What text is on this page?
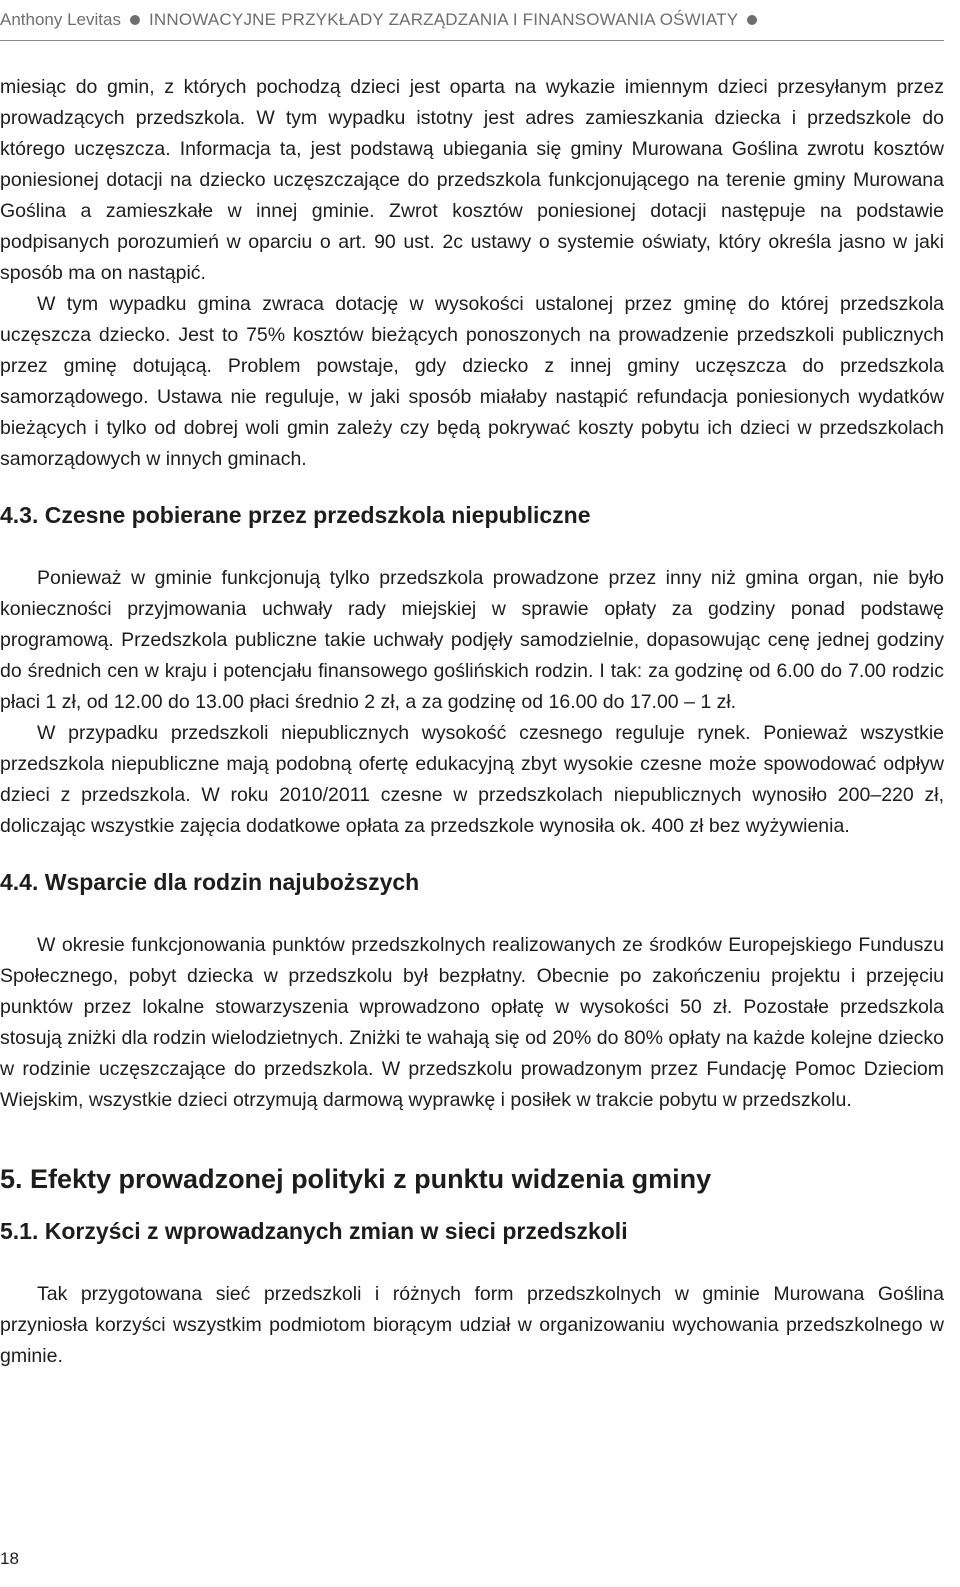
Anthony Levitas INNOWACYJNE PRZYKŁADY ZARZĄDZANIA I FINANSOWANIA OŚWIATY

miesiąc do gmin, z których pochodzą dzieci jest oparta na wykazie imiennym dzieci przesyłanym przez prowadzących przedszkola. W tym wypadku istotny jest adres zamieszkania dziecka i przedszkole do którego uczęszcza. Informacja ta, jest podstawą ubiegania się gminy Murowana Goślina zwrotu kosztów poniesionej dotacji na dziecko uczęszczające do przedszkola funkcjonującego na terenie gminy Murowana Goślina a zamieszkałe w innej gminie. Zwrot kosztów poniesionej dotacji następuje na podstawie podpisanych porozumień w oparciu o art. 90 ust. 2c ustawy o systemie oświaty, który określa jasno w jaki sposób ma on nastąpić.

W tym wypadku gmina zwraca dotację w wysokości ustalonej przez gminę do której przedszkola uczęszcza dziecko. Jest to 75% kosztów bieżących ponoszonych na prowadzenie przedszkoli publicznych przez gminę dotującą. Problem powstaje, gdy dziecko z innej gminy uczęszcza do przedszkola samorządowego. Ustawa nie reguluje, w jaki sposób miałaby nastąpić refundacja poniesionych wydatków bieżących i tylko od dobrej woli gmin zależy czy będą pokrywać koszty pobytu ich dzieci w przedszkolach samorządowych w innych gminach.

4.3. Czesne pobierane przez przedszkola niepubliczne

Ponieważ w gminie funkcjonują tylko przedszkola prowadzone przez inny niż gmina organ, nie było konieczności przyjmowania uchwały rady miejskiej w sprawie opłaty za godziny ponad podstawę programową. Przedszkola publiczne takie uchwały podjęły samodzielnie, dopasowując cenę jednej godziny do średnich cen w kraju i potencjału finansowego goślińskich rodzin. I tak: za godzinę od 6.00 do 7.00 rodzic płaci 1 zł, od 12.00 do 13.00 płaci średnio 2 zł, a za godzinę od 16.00 do 17.00 – 1 zł.

W przypadku przedszkoli niepublicznych wysokość czesnego reguluje rynek. Ponieważ wszystkie przedszkola niepubliczne mają podobną ofertę edukacyjną zbyt wysokie czesne może spowodować odpływ dzieci z przedszkola. W roku 2010/2011 czesne w przedszkolach niepublicznych wynosiło 200–220 zł, doliczając wszystkie zajęcia dodatkowe opłata za przedszkole wynosiła ok. 400 zł bez wyżywienia.

4.4. Wsparcie dla rodzin najuboższych

W okresie funkcjonowania punktów przedszkolnych realizowanych ze środków Europejskiego Funduszu Społecznego, pobyt dziecka w przedszkolu był bezpłatny. Obecnie po zakończeniu projektu i przejęciu punktów przez lokalne stowarzyszenia wprowadzono opłatę w wysokości 50 zł. Pozostałe przedszkola stosują zniżki dla rodzin wielodzietnych. Zniżki te wahają się od 20% do 80% opłaty na każde kolejne dziecko w rodzinie uczęszczające do przedszkola. W przedszkolu prowadzonym przez Fundację Pomoc Dzieciom Wiejskim, wszystkie dzieci otrzymują darmową wyprawkę i posiłek w trakcie pobytu w przedszkolu.

5. Efekty prowadzonej polityki z punktu widzenia gminy
5.1. Korzyści z wprowadzanych zmian w sieci przedszkoli

Tak przygotowana sieć przedszkoli i różnych form przedszkolnych w gminie Murowana Goślina przyniosła korzyści wszystkim podmiotom biorącym udział w organizowaniu wychowania przedszkolnego w gminie.

18
